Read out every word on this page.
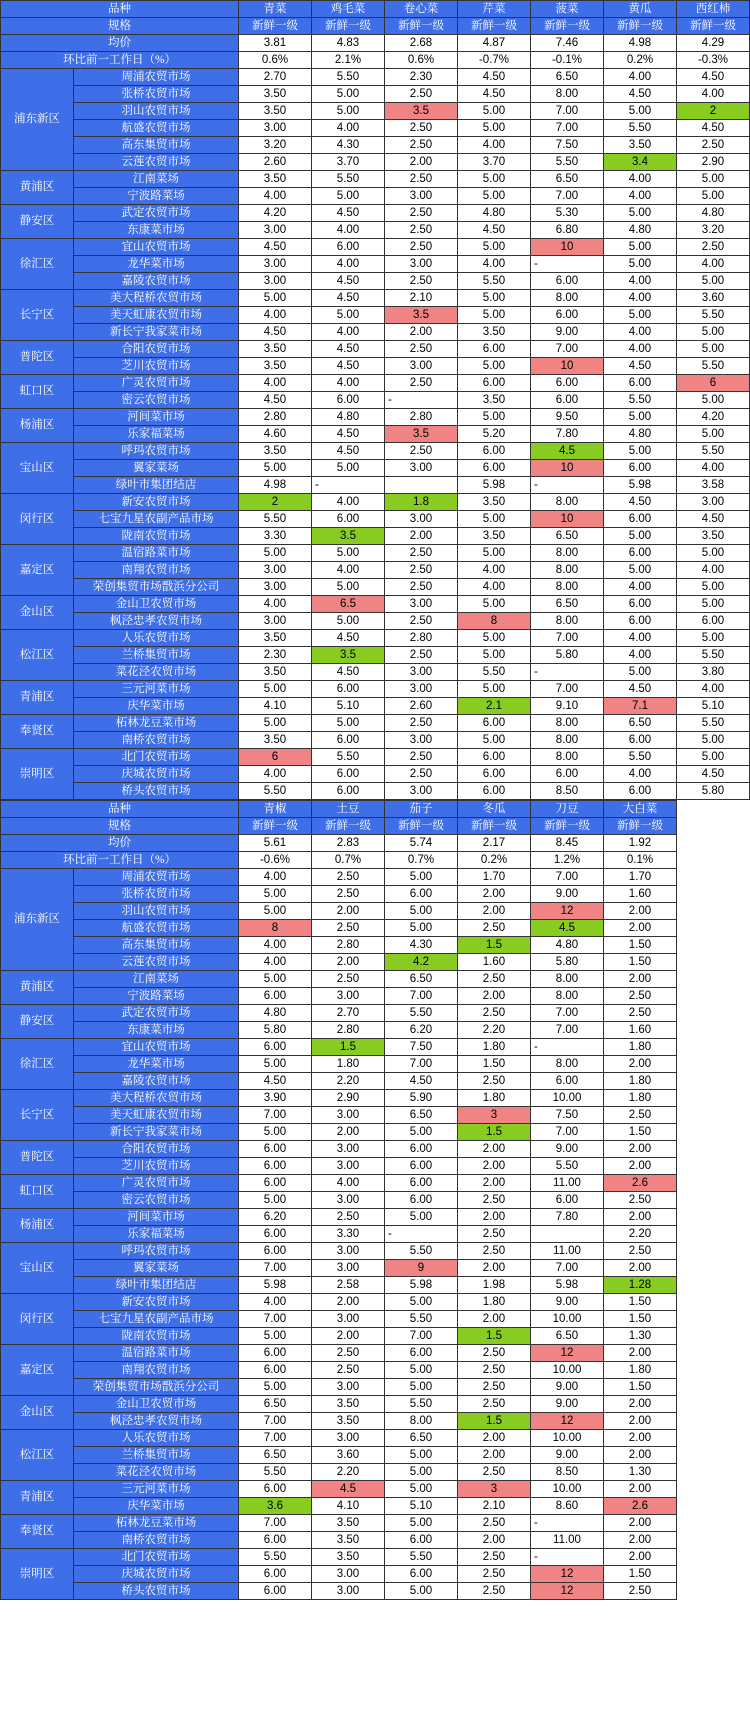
品种		青菜	鸡毛菜	卷心菜	芹菜	菠菜	黄瓜	西红柿
规格		新鲜一级	新鲜一级	新鲜一级	新鲜一级	新鲜一级	新鲜一级	新鲜一级
均价		3.81	4.83	2.68	4.87	7.46	4.98	4.29
环比前一工作日（%）		0.6%	2.1%	0.6%	-0.7%	-0.1%	0.2%	-0.3%
浦东新区	周浦农贸市场	2.70	5.50	2.30	4.50	6.50	4.00	4.50
	张桥农贸市场	3.50	5.00	2.50	4.50	8.00	4.50	4.00
	羽山农贸市场	3.50	5.00	3.5	5.00	7.00	5.00	2
	航盛农贸市场	3.00	4.00	2.50	5.00	7.00	5.50	4.50
	高东集贸市场	3.20	4.30	2.50	4.00	7.50	3.50	2.50
	云莲农贸市场	2.60	3.70	2.00	3.70	5.50	3.4	2.90
黄浦区	江南菜场	3.50	5.50	2.50	5.00	6.50	4.00	5.00
	宁波路菜场	4.00	5.00	3.00	5.00	7.00	4.00	5.00
静安区	武定农贸市场	4.20	4.50	2.50	4.80	5.30	5.00	4.80
	东康菜市场	3.00	4.00	2.50	4.50	6.80	4.80	3.20
徐汇区	宜山农贸市场	4.50	6.00	2.50	5.00	10	5.00	2.50
	龙华菜市场	3.00	4.00	3.00	4.00	-	5.00	4.00
	嘉陵农贸市场	3.00	4.50	2.50	5.50	6.00	4.00	5.00
长宁区	美大程桥农贸市场	5.00	4.50	2.10	5.00	8.00	4.00	3.60
	美天虹康农贸市场	4.00	5.00	3.5	5.00	6.00	5.00	5.50
	新长宁我家菜市场	4.50	4.00	2.00	3.50	9.00	4.00	5.00
普陀区	合阳农贸市场	3.50	4.50	2.50	6.00	7.00	4.00	5.00
	芝川农贸市场	3.50	4.50	3.00	5.00	10	4.50	5.50
虹口区	广灵农贸市场	4.00	4.00	2.50	6.00	6.00	6.00	6
	密云农贸市场	4.50	6.00	-	3.50	6.00	5.50	5.00
杨浦区	河间菜市场	2.80	4.80	2.80	5.00	9.50	5.00	4.20
	乐家福菜场	4.60	4.50	3.5	5.20	7.80	4.80	5.00
宝山区	呼玛农贸市场	3.50	4.50	2.50	6.00	4.5	5.00	5.50
	翼家菜场	5.00	5.00	3.00	6.00	10	6.00	4.00
	绿叶市集团结店	4.98	-		5.98	-	5.98	3.58
闵行区	新安农贸市场	2	4.00	1.8	3.50	8.00	4.50	3.00
	七宝九星农副产品市场	5.50	6.00	3.00	5.00	10	6.00	4.50
	陇南农贸市场	3.30	3.5	2.00	3.50	6.50	5.00	3.50
嘉定区	温宿路菜市场	5.00	5.00	2.50	5.00	8.00	6.00	5.00
	南翔农贸市场	3.00	4.00	2.50	4.00	8.00	5.00	4.00
	荣创集贸市场戬浜分公司	3.00	5.00	2.50	4.00	8.00	4.00	5.00
金山区	金山卫农贸市场	4.00	6.5	3.00	5.00	6.50	6.00	5.00
	枫泾忠孝农贸市场	3.00	5.00	2.50	8	8.00	6.00	6.00
松江区	人乐农贸市场	3.50	4.50	2.80	5.00	7.00	4.00	5.00
	兰桥集贸市场	2.30	3.5	2.50	5.00	5.80	4.00	5.50
	菜花泾农贸市场	3.50	4.50	3.00	5.50	-	5.00	3.80
青浦区	三元河菜市场	5.00	6.00	3.00	5.00	7.00	4.50	4.00
	庆华菜市场	4.10	5.10	2.60	2.1	9.10	7.1	5.10
奉贤区	柘林龙豆菜市场	5.00	5.00	2.50	6.00	8.00	6.50	5.50
	南桥农贸市场	3.50	6.00	3.00	5.00	8.00	6.00	5.00
崇明区	北门农贸市场	6	5.50	2.50	6.00	8.00	5.50	5.00
	庆城农贸市场	4.00	6.00	2.50	6.00	6.00	4.00	4.50
	桥头农贸市场	5.50	6.00	3.00	6.00	8.50	6.00	5.80
品种		青椒	土豆	茄子	冬瓜	刀豆	大白菜	
规格		新鲜一级	新鲜一级	新鲜一级	新鲜一级	新鲜一级	新鲜一级	
均价		5.61	2.83	5.74	2.17	8.45	1.92	
环比前一工作日（%）		-0.6%	0.7%	0.7%	0.2%	1.2%	0.1%	
浦东新区	周浦农贸市场	4.00	2.50	5.00	1.70	7.00	1.70	
	张桥农贸市场	5.00	2.50	6.00	2.00	9.00	1.60	
	羽山农贸市场	5.00	2.00	5.00	2.00	12	2.00	
	航盛农贸市场	8	2.50	5.00	2.50	4.5	2.00	
	高东集贸市场	4.00	2.80	4.30	1.5	4.80	1.50	
	云莲农贸市场	4.00	2.00	4.2	1.60	5.80	1.50	
黄浦区	江南菜场	5.00	2.50	6.50	2.50	8.00	2.00	
	宁波路菜场	6.00	3.00	7.00	2.00	8.00	2.50	
静安区	武定农贸市场	4.80	2.70	5.50	2.50	7.00	2.50	
	东康菜市场	5.80	2.80	6.20	2.20	7.00	1.60	
徐汇区	宜山农贸市场	6.00	1.5	7.50	1.80	-	1.80	
	龙华菜市场	5.00	1.80	7.00	1.50	8.00	2.00	
	嘉陵农贸市场	4.50	2.20	4.50	2.50	6.00	1.80	
长宁区	美大程桥农贸市场	3.90	2.90	5.90	1.80	10.00	1.80	
	美天虹康农贸市场	7.00	3.00	6.50	3	7.50	2.50	
	新长宁我家菜市场	5.00	2.00	5.00	1.5	7.00	1.50	
普陀区	合阳农贸市场	6.00	3.00	6.00	2.00	9.00	2.00	
	芝川农贸市场	6.00	3.00	6.00	2.00	5.50	2.00	
虹口区	广灵农贸市场	6.00	4.00	6.00	2.00	11.00	2.6	
	密云农贸市场	5.00	3.00	6.00	2.50	6.00	2.50	
杨浦区	河间菜市场	6.20	2.50	5.00	2.00	7.80	2.00	
	乐家福菜场	6.00	3.30	-	2.50		2.20	
宝山区	呼玛农贸市场	6.00	3.00	5.50	2.50	11.00	2.50	
	翼家菜场	7.00	3.00	9	2.00	7.00	2.00	
	绿叶市集团结店	5.98	2.58	5.98	1.98	5.98	1.28	
闵行区	新安农贸市场	4.00	2.00	5.00	1.80	9.00	1.50	
	七宝九星农副产品市场	7.00	3.00	5.50	2.00	10.00	1.50	
	陇南农贸市场	5.00	2.00	7.00	1.5	6.50	1.30	
嘉定区	温宿路菜市场	6.00	2.50	6.00	2.50	12	2.00	
	南翔农贸市场	6.00	2.50	5.00	2.50	10.00	1.80	
	荣创集贸市场戬浜分公司	5.00	3.00	5.00	2.50	9.00	1.50	
金山区	金山卫农贸市场	6.50	3.50	5.50	2.50	9.00	2.00	
	枫泾忠孝农贸市场	7.00	3.50	8.00	1.5	12	2.00	
松江区	人乐农贸市场	7.00	3.00	6.50	2.00	10.00	2.00	
	兰桥集贸市场	6.50	3.60	5.00	2.00	9.00	2.00	
	菜花泾农贸市场	5.50	2.20	5.00	2.50	8.50	1.30	
青浦区	三元河菜市场	6.00	4.5	5.00	3	10.00	2.00	
	庆华菜市场	3.6	4.10	5.10	2.10	8.60	2.6	
奉贤区	柘林龙豆菜市场	7.00	3.50	5.00	2.50	-	2.00	
	南桥农贸市场	6.00	3.50	6.00	2.00	11.00	2.00	
崇明区	北门农贸市场	5.50	3.50	5.50	2.50	-	2.00	
	庆城农贸市场	6.00	3.00	6.00	2.50	12	1.50	
	桥头农贸市场	6.00	3.00	5.00	2.50	12	2.50	
